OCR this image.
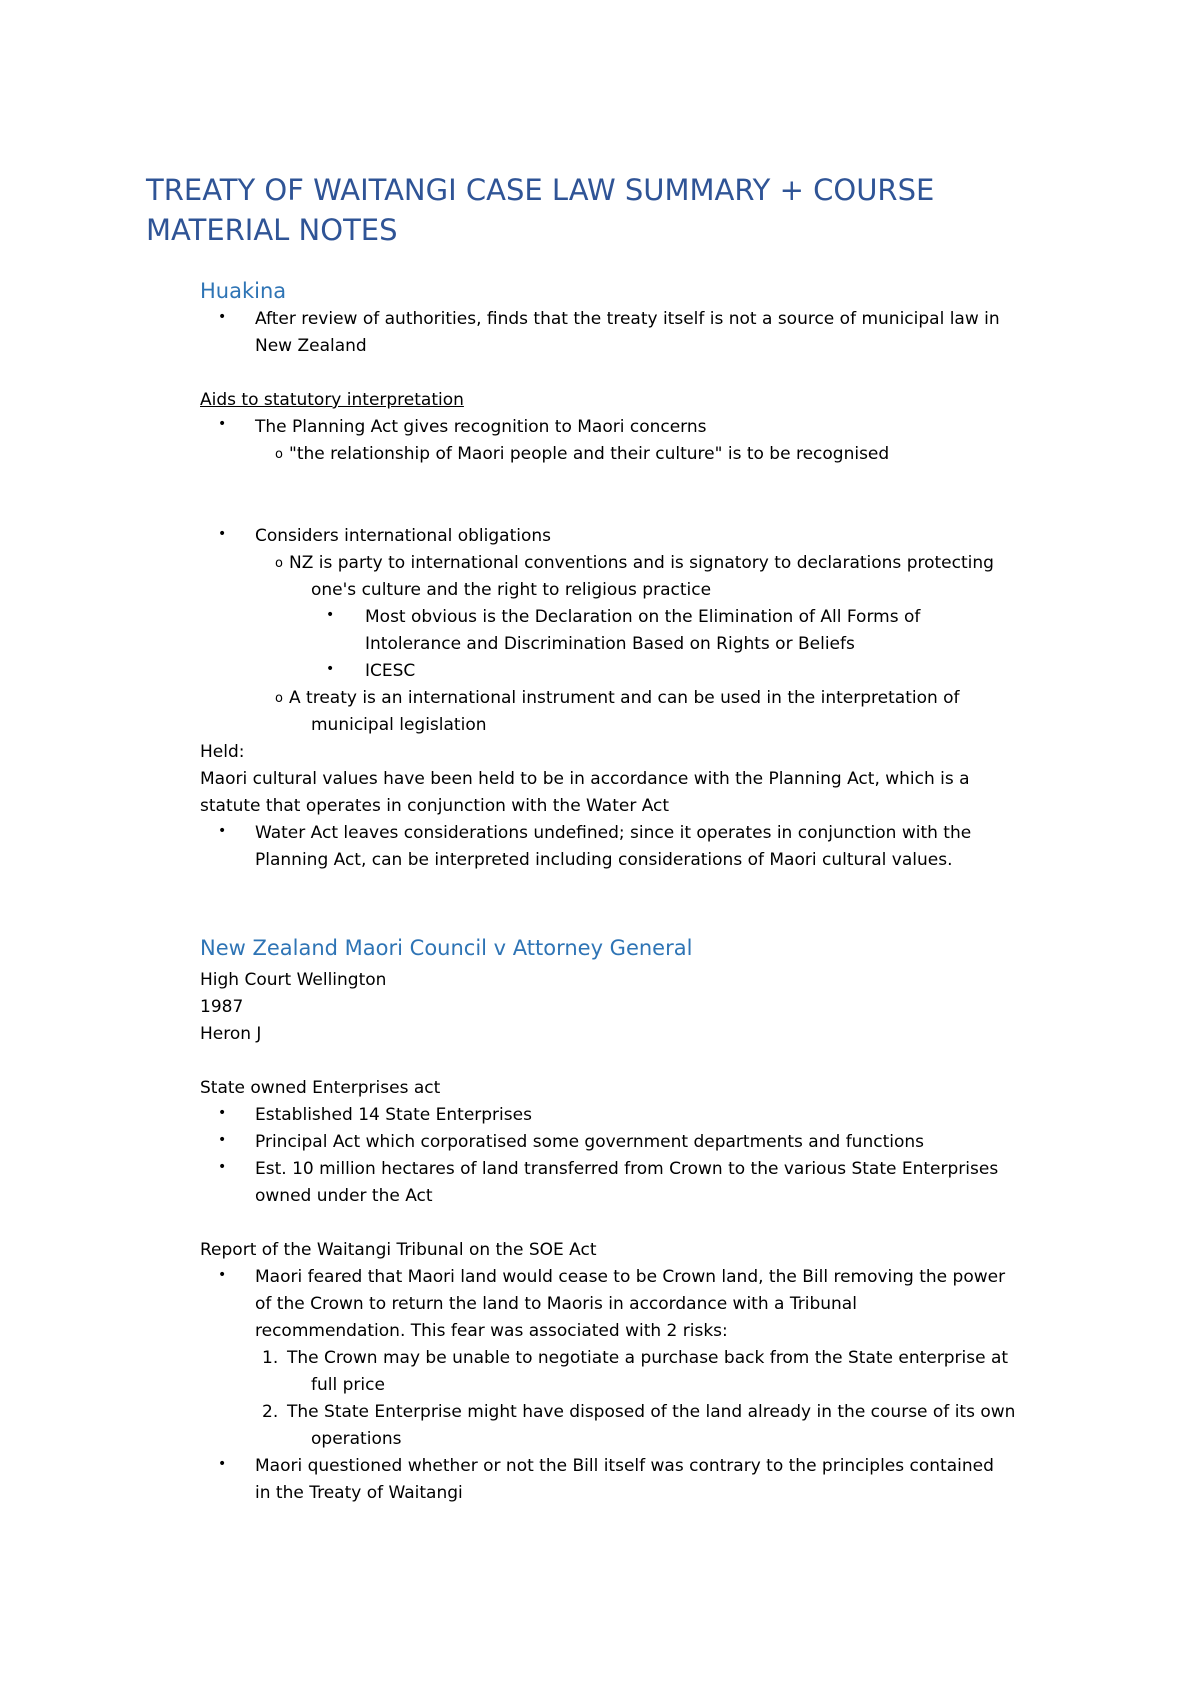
TREATY OF WAITANGI CASE LAW SUMMARY + COURSE
MATERIAL NOTES
Huakina
• After review of authorities, finds that the treaty itself is not a source of municipal law in

New Zealand

Aids to statutory interpretation

• The Planning Act gives recognition to Maori concerns

o "the relationship of Maori people and their culture" is to be recognised

• Considers international obligations

o NZ is party to international conventions and is signatory to declarations protecting

one's culture and the right to religious practice

• Most obvious is the Declaration on the Elimination of All Forms of

Intolerance and Discrimination Based on Rights or Beliefs

• ICESC

o A treaty is an international instrument and can be used in the interpretation of

municipal legislation

Held:

Maori cultural values have been held to be in accordance with the Planning Act, which is a

statute that operates in conjunction with the Water Act

• Water Act leaves considerations undefined; since it operates in conjunction with the

Planning Act, can be interpreted including considerations of Maori cultural values.

New Zealand Maori Council v Attorney General

High Court Wellington

1987

Heron J

State owned Enterprises act

• Established 14 State Enterprises

• Principal Act which corporatised some government departments and functions

• Est. 10 million hectares of land transferred from Crown to the various State Enterprises

owned under the Act

Report of the Waitangi Tribunal on the SOE Act

• Maori feared that Maori land would cease to be Crown land, the Bill removing the power

of the Crown to return the land to Maoris in accordance with a Tribunal

recommendation. This fear was associated with 2 risks:

1. The Crown may be unable to negotiate a purchase back from the State enterprise at

full price

2. The State Enterprise might have disposed of the land already in the course of its own

operations

• Maori questioned whether or not the Bill itself was contrary to the principles contained

in the Treaty of Waitangi
